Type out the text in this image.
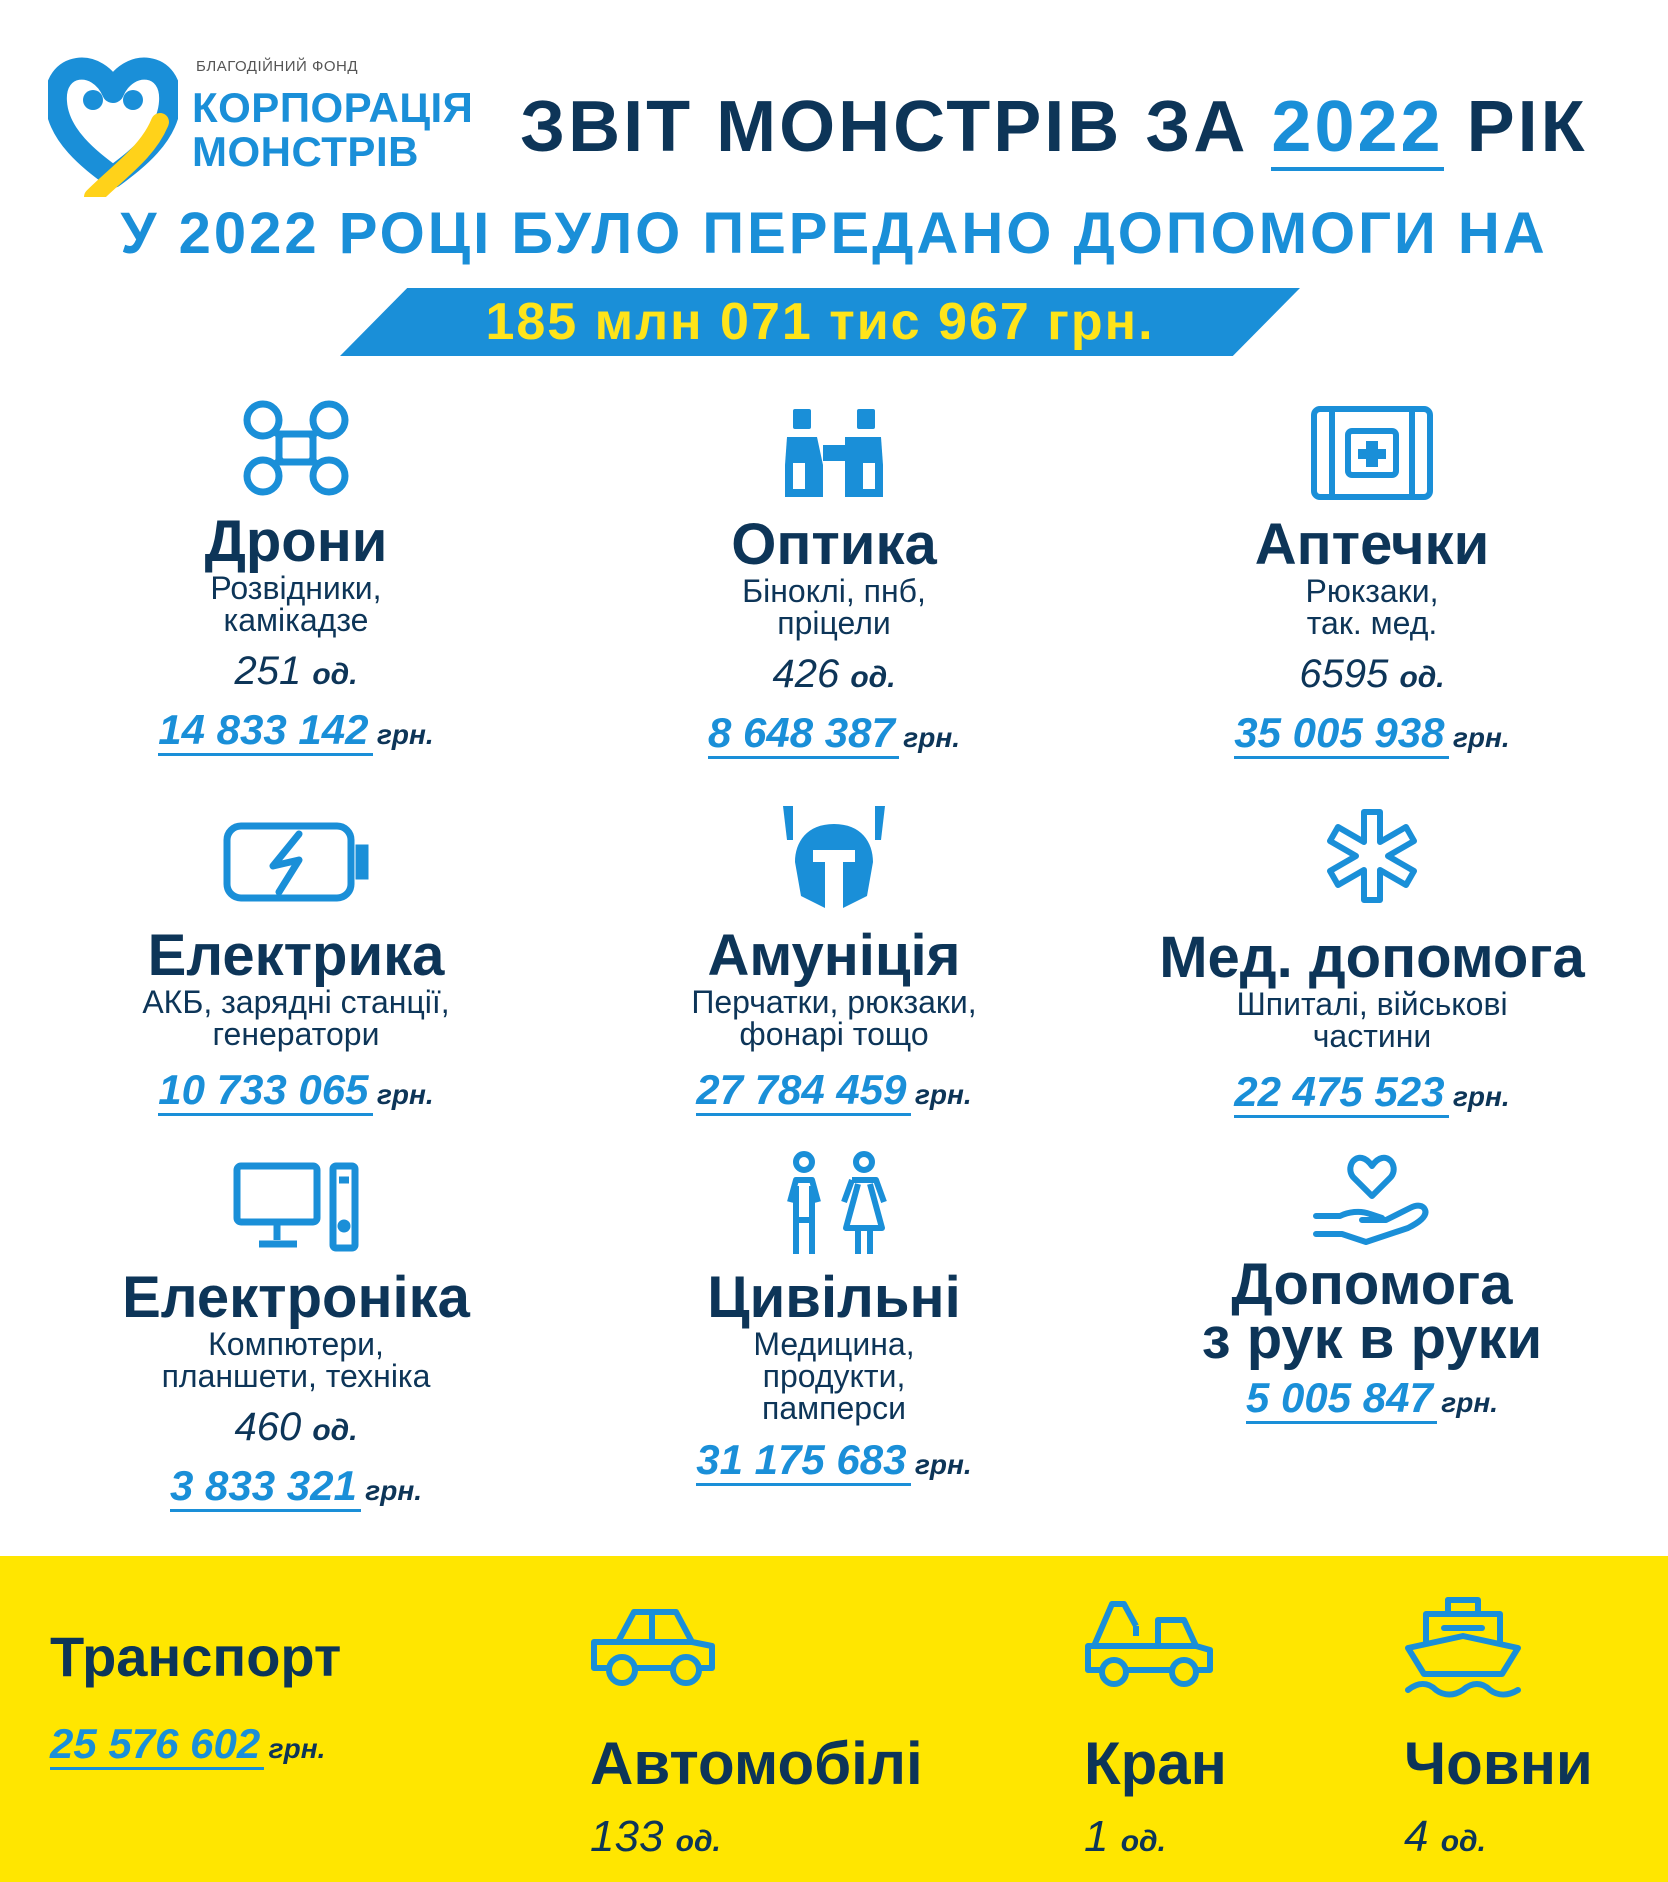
БЛАГОДІЙНИЙ ФОНД
КОРПОРАЦІЯ
МОНСТРІВ	ЗВІТ МОНСТРІВ ЗА 2022 РІК
У 2022 РОЦІ БУЛО ПЕРЕДАНО ДОПОМОГИ НА
185 млн 071 тис 967 грн.
Дрони
Розвідники,
камікадзе
251 од.
14 833 142 грн.
Оптика
Біноклі, пнб,
пріцели
426 од.
8 648 387 грн.
Аптечки
Рюкзаки,
так. мед.
6595 од.
35 005 938 грн.
Електрика
АКБ, зарядні станції,
генератори
10 733 065 грн.
Амуніція
Перчатки, рюкзаки,
фонарі тощо
27 784 459 грн.
Мед. допомога
Шпиталі, військові
частини
22 475 523 грн.
Електроніка
Компютери,
планшети, техніка
460 од.
3 833 321 грн.
Цивільні
Медицина,
продукти,
памперси
31 175 683 грн.
Допомога
з рук в руки
5 005 847 грн.
Транспорт
25 576 602 грн.	Автомобілі
133 од.
Кран
1 од.
Човни
4 од.
